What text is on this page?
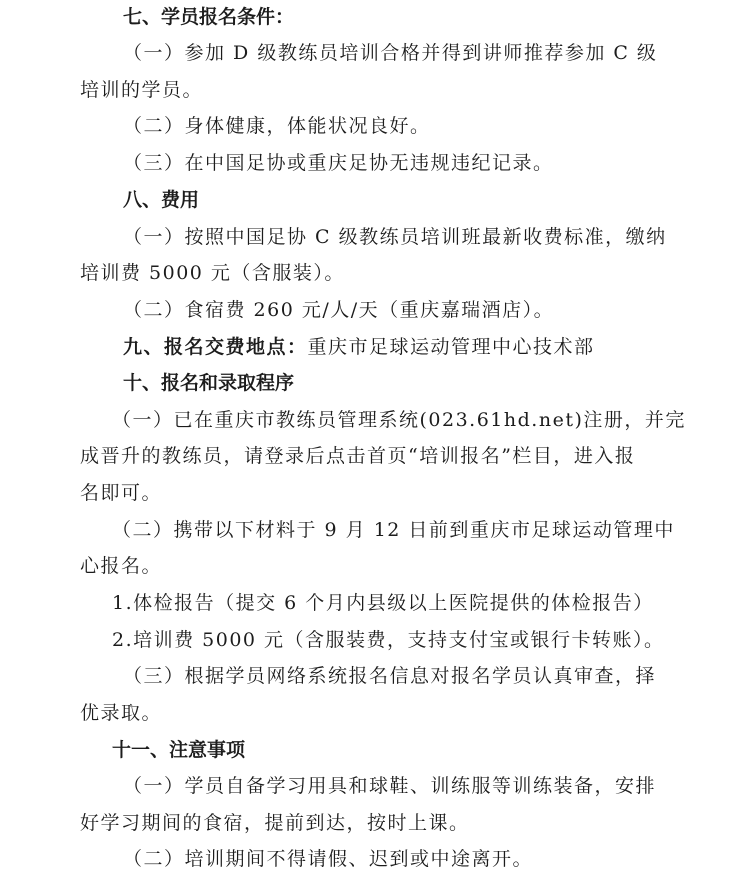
七、学员报名条件：
（一）参加 D 级教练员培训合格并得到讲师推荐参加 C 级
培训的学员。
（二）身体健康，体能状况良好。
（三）在中国足协或重庆足协无违规违纪记录。
八、费用
（一）按照中国足协 C 级教练员培训班最新收费标准，缴纳
培训费 5000 元（含服装）。
（二）食宿费 260 元/人/天（重庆嘉瑞酒店）。
九、报名交费地点：重庆市足球运动管理中心技术部
十、报名和录取程序
（一）已在重庆市教练员管理系统(023.61hd.net)注册，并完
成晋升的教练员，请登录后点击首页“培训报名”栏目，进入报
名即可。
（二）携带以下材料于 9 月 12 日前到重庆市足球运动管理中
心报名。
1.体检报告（提交 6 个月内县级以上医院提供的体检报告）
2.培训费 5000 元（含服装费，支持支付宝或银行卡转账）。
（三）根据学员网络系统报名信息对报名学员认真审查，择
优录取。
十一、注意事项
（一）学员自备学习用具和球鞋、训练服等训练装备，安排
好学习期间的食宿，提前到达，按时上课。
（二）培训期间不得请假、迟到或中途离开。
